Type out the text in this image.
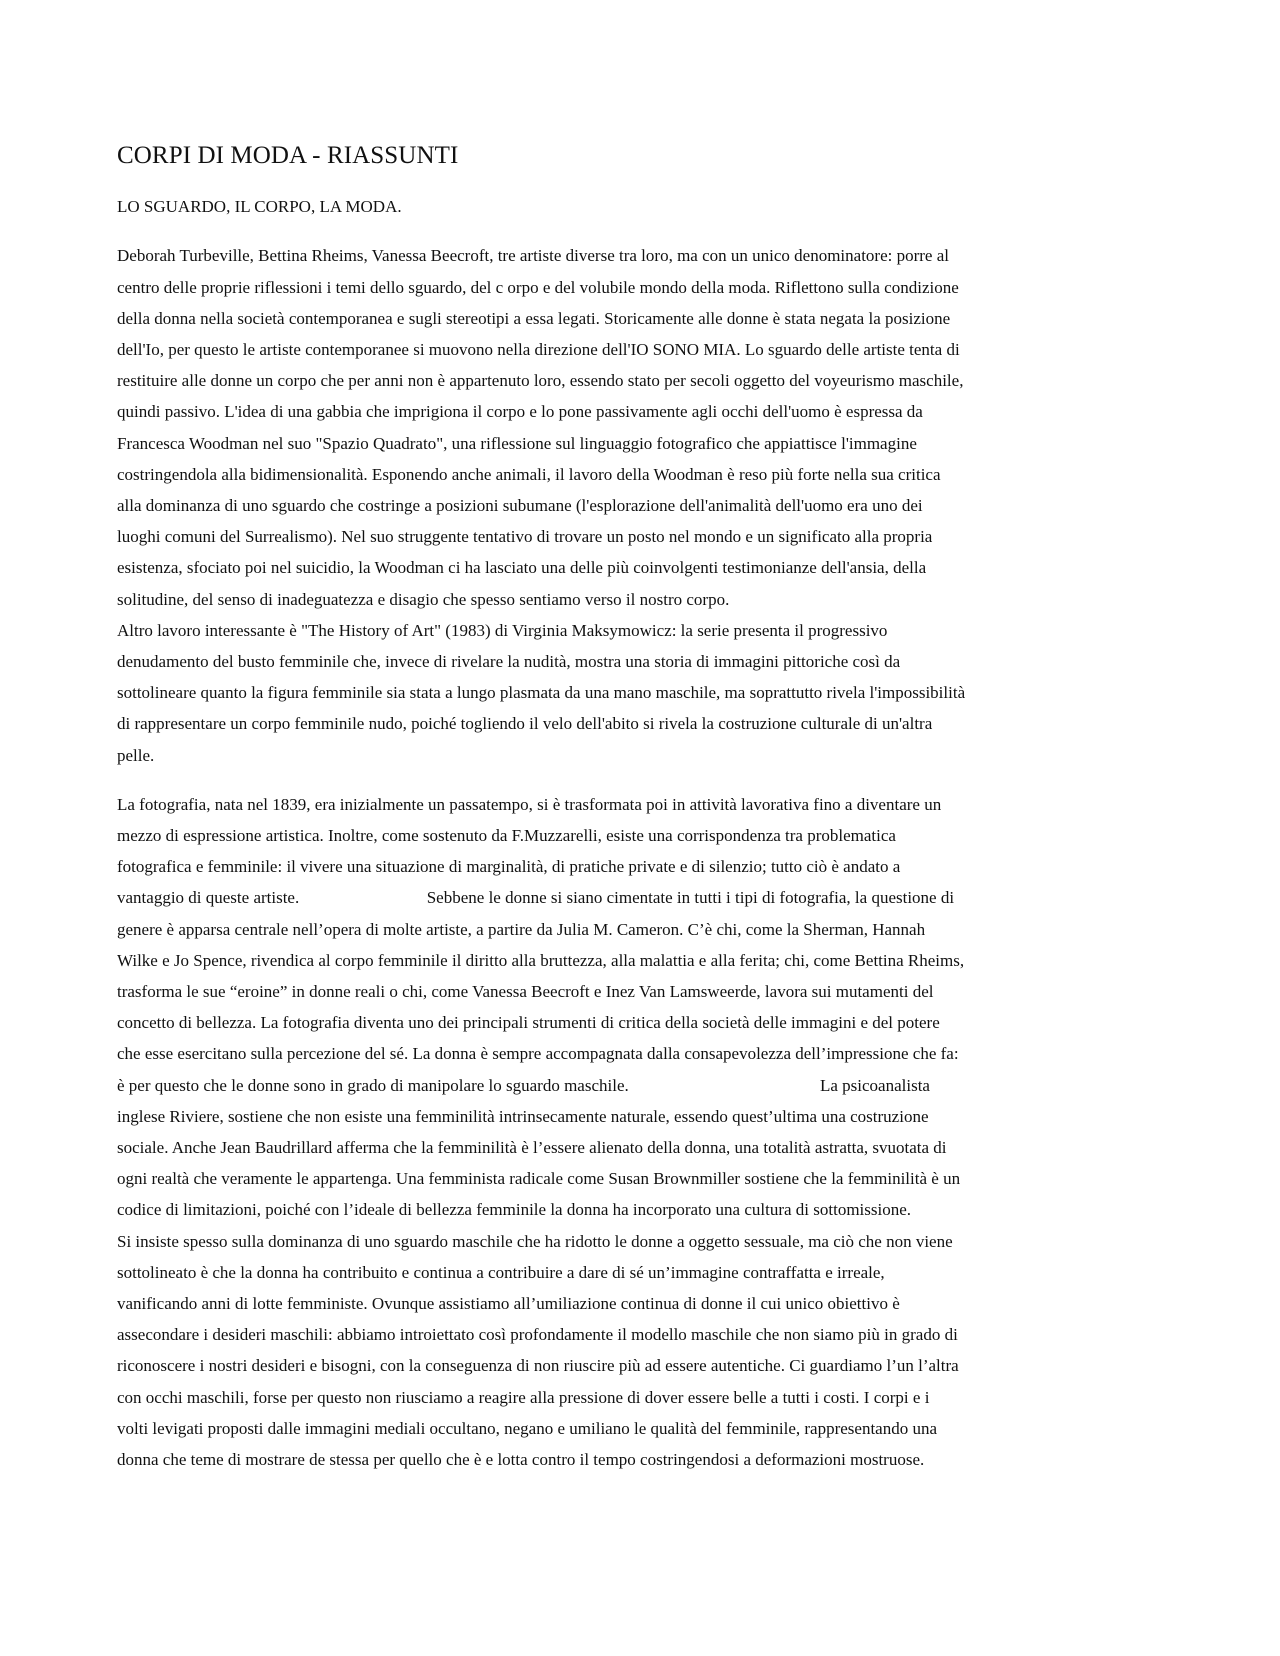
CORPI DI MODA - RIASSUNTI
LO SGUARDO, IL CORPO, LA MODA.
Deborah Turbeville, Bettina Rheims, Vanessa Beecroft, tre artiste diverse tra loro, ma con un unico denominatore: porre al
centro delle proprie riflessioni i temi dello sguardo, del c orpo e del volubile mondo della moda. Riflettono sulla condizione
della donna nella società contemporanea e sugli stereotipi a essa legati. Storicamente alle donne è stata negata la posizione
dell'Io, per questo le artiste contemporanee si muovono nella direzione dell'IO SONO MIA. Lo sguardo delle artiste tenta di
restituire alle donne un corpo che per anni non è appartenuto loro, essendo stato per secoli oggetto del voyeurismo maschile,
quindi passivo. L'idea di una gabbia che imprigiona il corpo e lo pone passivamente agli occhi dell'uomo è espressa da
Francesca Woodman nel suo "Spazio Quadrato", una riflessione sul linguaggio fotografico che appiattisce l'immagine
costringendola alla bidimensionalità. Esponendo anche animali, il lavoro della Woodman è reso più forte nella sua critica
alla dominanza di uno sguardo che costringe a posizioni subumane (l'esplorazione dell'animalità dell'uomo era uno dei
luoghi comuni del Surrealismo). Nel suo struggente tentativo di trovare un posto nel mondo e un significato alla propria
esistenza, sfociato poi nel suicidio, la Woodman ci ha lasciato una delle più coinvolgenti testimonianze dell'ansia, della
solitudine, del senso di inadeguatezza e disagio che spesso sentiamo verso il nostro corpo.
Altro lavoro interessante è "The History of Art" (1983) di Virginia Maksymowicz: la serie presenta il progressivo
denudamento del busto femminile che, invece di rivelare la nudità, mostra una storia di immagini pittoriche così da
sottolineare quanto la figura femminile sia stata a lungo plasmata da una mano maschile, ma soprattutto rivela l'impossibilità
di rappresentare un corpo femminile nudo, poiché togliendo il velo dell'abito si rivela la costruzione culturale di un'altra
pelle.
La fotografia, nata nel 1839, era inizialmente un passatempo, si è trasformata poi in attività lavorativa fino a diventare un
mezzo di espressione artistica. Inoltre, come sostenuto da F.Muzzarelli, esiste una corrispondenza tra problematica
fotografica e femminile: il vivere una situazione di marginalità, di pratiche private e di silenzio; tutto ciò è andato a
vantaggio di queste artiste.                              Sebbene le donne si siano cimentate in tutti i tipi di fotografia, la questione di
genere è apparsa centrale nell’opera di molte artiste, a partire da Julia M. Cameron. C’è chi, come la Sherman, Hannah
Wilke e Jo Spence, rivendica al corpo femminile il diritto alla bruttezza, alla malattia e alla ferita; chi, come Bettina Rheims,
trasforma le sue “eroine” in donne reali o chi, come Vanessa Beecroft e Inez Van Lamsweerde, lavora sui mutamenti del
concetto di bellezza. La fotografia diventa uno dei principali strumenti di critica della società delle immagini e del potere
che esse esercitano sulla percezione del sé. La donna è sempre accompagnata dalla consapevolezza dell’impressione che fa:
è per questo che le donne sono in grado di manipolare lo sguardo maschile.                                             La psicoanalista
inglese Riviere, sostiene che non esiste una femminilità intrinsecamente naturale, essendo quest’ultima una costruzione
sociale. Anche Jean Baudrillard afferma che la femminilità è l’essere alienato della donna, una totalità astratta, svuotata di
ogni realtà che veramente le appartenga. Una femminista radicale come Susan Brownmiller sostiene che la femminilità è un
codice di limitazioni, poiché con l’ideale di bellezza femminile la donna ha incorporato una cultura di sottomissione.
Si insiste spesso sulla dominanza di uno sguardo maschile che ha ridotto le donne a oggetto sessuale, ma ciò che non viene
sottolineato è che la donna ha contribuito e continua a contribuire a dare di sé un’immagine contraffatta e irreale,
vanificando anni di lotte femministe. Ovunque assistiamo all’umiliazione continua di donne il cui unico obiettivo è
assecondare i desideri maschili: abbiamo introiettato così profondamente il modello maschile che non siamo più in grado di
riconoscere i nostri desideri e bisogni, con la conseguenza di non riuscire più ad essere autentiche. Ci guardiamo l’un l’altra
con occhi maschili, forse per questo non riusciamo a reagire alla pressione di dover essere belle a tutti i costi. I corpi e i
volti levigati proposti dalle immagini mediali occultano, negano e umiliano le qualità del femminile, rappresentando una
donna che teme di mostrare de stessa per quello che è e lotta contro il tempo costringendosi a deformazioni mostruose.
